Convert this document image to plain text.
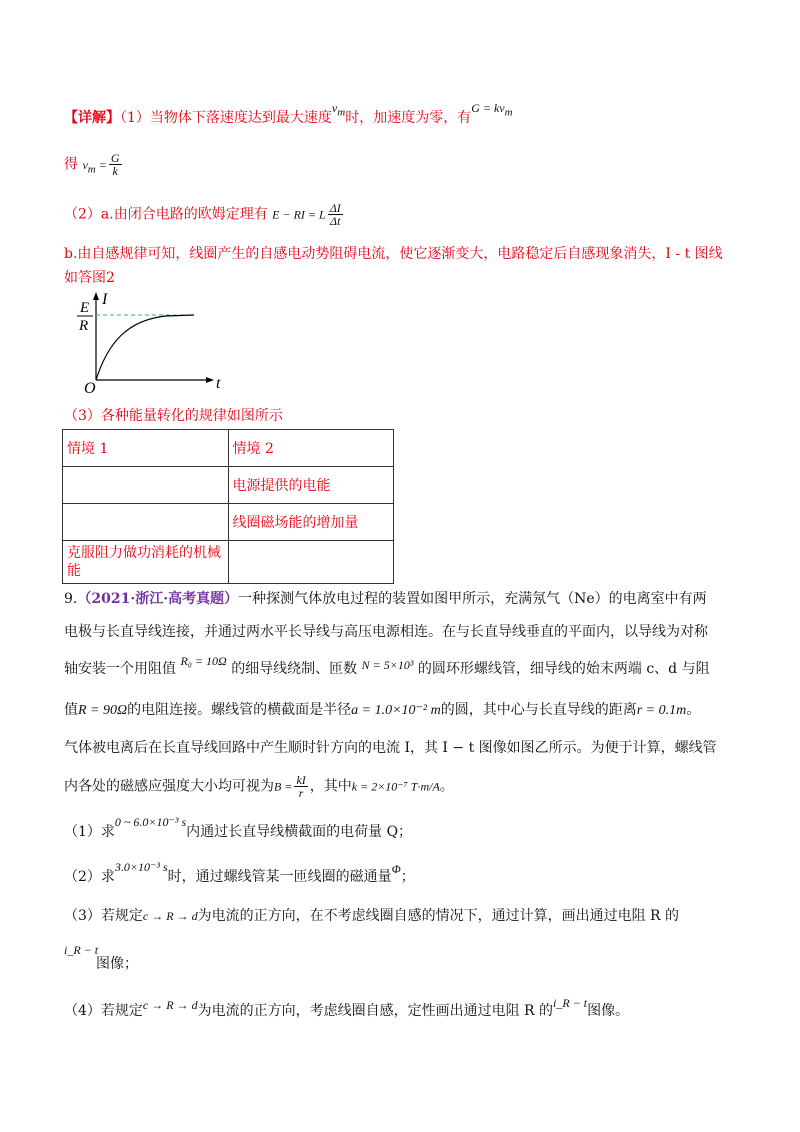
【详解】（1）当物体下落速度达到最大速度$v_m$时，加速度为零，有$G = kv_m$
得 $v_m = \frac{G}{k}$
（2）a.由闭合电路的欧姆定理有 E − RI = L $\frac{\Delta I}{\Delta t}$
b.由自感规律可知，线圈产生的自感电动势阻碍电流，使它逐渐变大，电路稳定后自感现象消失，I - t 图线
如答图2
I
t
O
E
R
（3）各种能量转化的规律如图所示
情境 1	情境 2
	电源提供的电能
	线圈磁场能的增加量
克服阻力做功消耗的机械能	
9.（2021·浙江·高考真题）一种探测气体放电过程的装置如图甲所示，充满氖气（Ne）的电离室中有两
电极与长直导线连接，并通过两水平长导线与高压电源相连。在与长直导线垂直的平面内，以导线为对称
轴安装一个用阻值 R₀ = 10Ω 的细导线绕制、匝数 N = 5×10³ 的圆环形螺线管，细导线的始末两端 c、d 与阻
值R = 90Ω的电阻连接。螺线管的横截面是半径a = 1.0×10⁻² m的圆，其中心与长直导线的距离r = 0.1m。
气体被电离后在长直导线回路中产生顺时针方向的电流 I，其 I − t 图像如图乙所示。为便于计算，螺线管
内各处的磁感应强度大小均可视为$B = \frac{kI}{r}$ ，其中k = 2×10⁻⁷ T·m/A。
（1）求0 ~ 6.0×10⁻³ s内通过长直导线横截面的电荷量 Q；
（2）求3.0×10⁻³ s时，通过螺线管某一匝线圈的磁通量Φ；
（3）若规定c → R → d为电流的正方向，在不考虑线圈自感的情况下，通过计算，画出通过电阻 R 的
i_R − t
图像；
（4）若规定c → R → d为电流的正方向，考虑线圈自感，定性画出通过电阻 R 的i_R − t图像。
